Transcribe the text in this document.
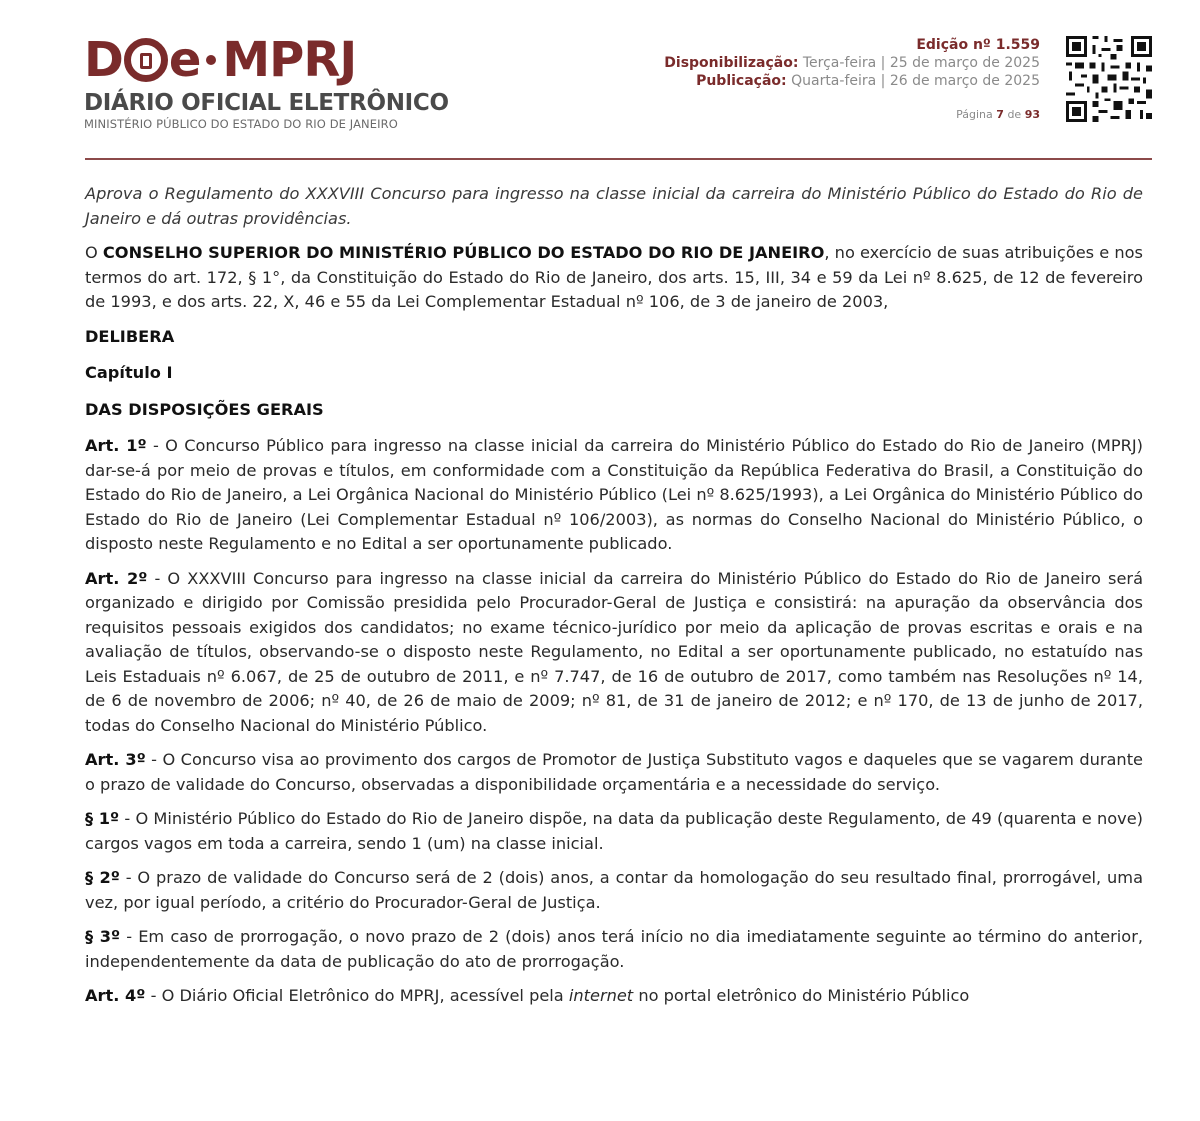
D e MPRJ
DIÁRIO OFICIAL ELETRÔNICO
MINISTÉRIO PÚBLICO DO ESTADO DO RIO DE JANEIRO
Edição nº 1.559
Disponibilização: Terça-feira | 25 de março de 2025
Publicação: Quarta-feira | 26 de março de 2025
Página 7 de 93

Aprova o Regulamento do XXXVIII Concurso para ingresso na classe inicial da carreira do Ministério Público do Estado do Rio de Janeiro e dá outras providências.

O CONSELHO SUPERIOR DO MINISTÉRIO PÚBLICO DO ESTADO DO RIO DE JANEIRO, no exercício de suas atribuições e nos termos do art. 172, § 1°, da Constituição do Estado do Rio de Janeiro, dos arts. 15, III, 34 e 59 da Lei nº 8.625, de 12 de fevereiro de 1993, e dos arts. 22, X, 46 e 55 da Lei Complementar Estadual nº 106, de 3 de janeiro de 2003,

DELIBERA

Capítulo I

DAS DISPOSIÇÕES GERAIS

Art. 1º - O Concurso Público para ingresso na classe inicial da carreira do Ministério Público do Estado do Rio de Janeiro (MPRJ) dar-se-á por meio de provas e títulos, em conformidade com a Constituição da República Federativa do Brasil, a Constituição do Estado do Rio de Janeiro, a Lei Orgânica Nacional do Ministério Público (Lei nº 8.625/1993), a Lei Orgânica do Ministério Público do Estado do Rio de Janeiro (Lei Complementar Estadual nº 106/2003), as normas do Conselho Nacional do Ministério Público, o disposto neste Regulamento e no Edital a ser oportunamente publicado.

Art. 2º - O XXXVIII Concurso para ingresso na classe inicial da carreira do Ministério Público do Estado do Rio de Janeiro será organizado e dirigido por Comissão presidida pelo Procurador-Geral de Justiça e consistirá: na apuração da observância dos requisitos pessoais exigidos dos candidatos; no exame técnico-jurídico por meio da aplicação de provas escritas e orais e na avaliação de títulos, observando-se o disposto neste Regulamento, no Edital a ser oportunamente publicado, no estatuído nas Leis Estaduais nº 6.067, de 25 de outubro de 2011, e nº 7.747, de 16 de outubro de 2017, como também nas Resoluções nº 14, de 6 de novembro de 2006; nº 40, de 26 de maio de 2009; nº 81, de 31 de janeiro de 2012; e nº 170, de 13 de junho de 2017, todas do Conselho Nacional do Ministério Público.

Art. 3º - O Concurso visa ao provimento dos cargos de Promotor de Justiça Substituto vagos e daqueles que se vagarem durante o prazo de validade do Concurso, observadas a disponibilidade orçamentária e a necessidade do serviço.

§ 1º - O Ministério Público do Estado do Rio de Janeiro dispõe, na data da publicação deste Regulamento, de 49 (quarenta e nove) cargos vagos em toda a carreira, sendo 1 (um) na classe inicial.

§ 2º - O prazo de validade do Concurso será de 2 (dois) anos, a contar da homologação do seu resultado final, prorrogável, uma vez, por igual período, a critério do Procurador-Geral de Justiça.

§ 3º - Em caso de prorrogação, o novo prazo de 2 (dois) anos terá início no dia imediatamente seguinte ao término do anterior, independentemente da data de publicação do ato de prorrogação.

Art. 4º - O Diário Oficial Eletrônico do MPRJ, acessível pela internet no portal eletrônico do Ministério Público
